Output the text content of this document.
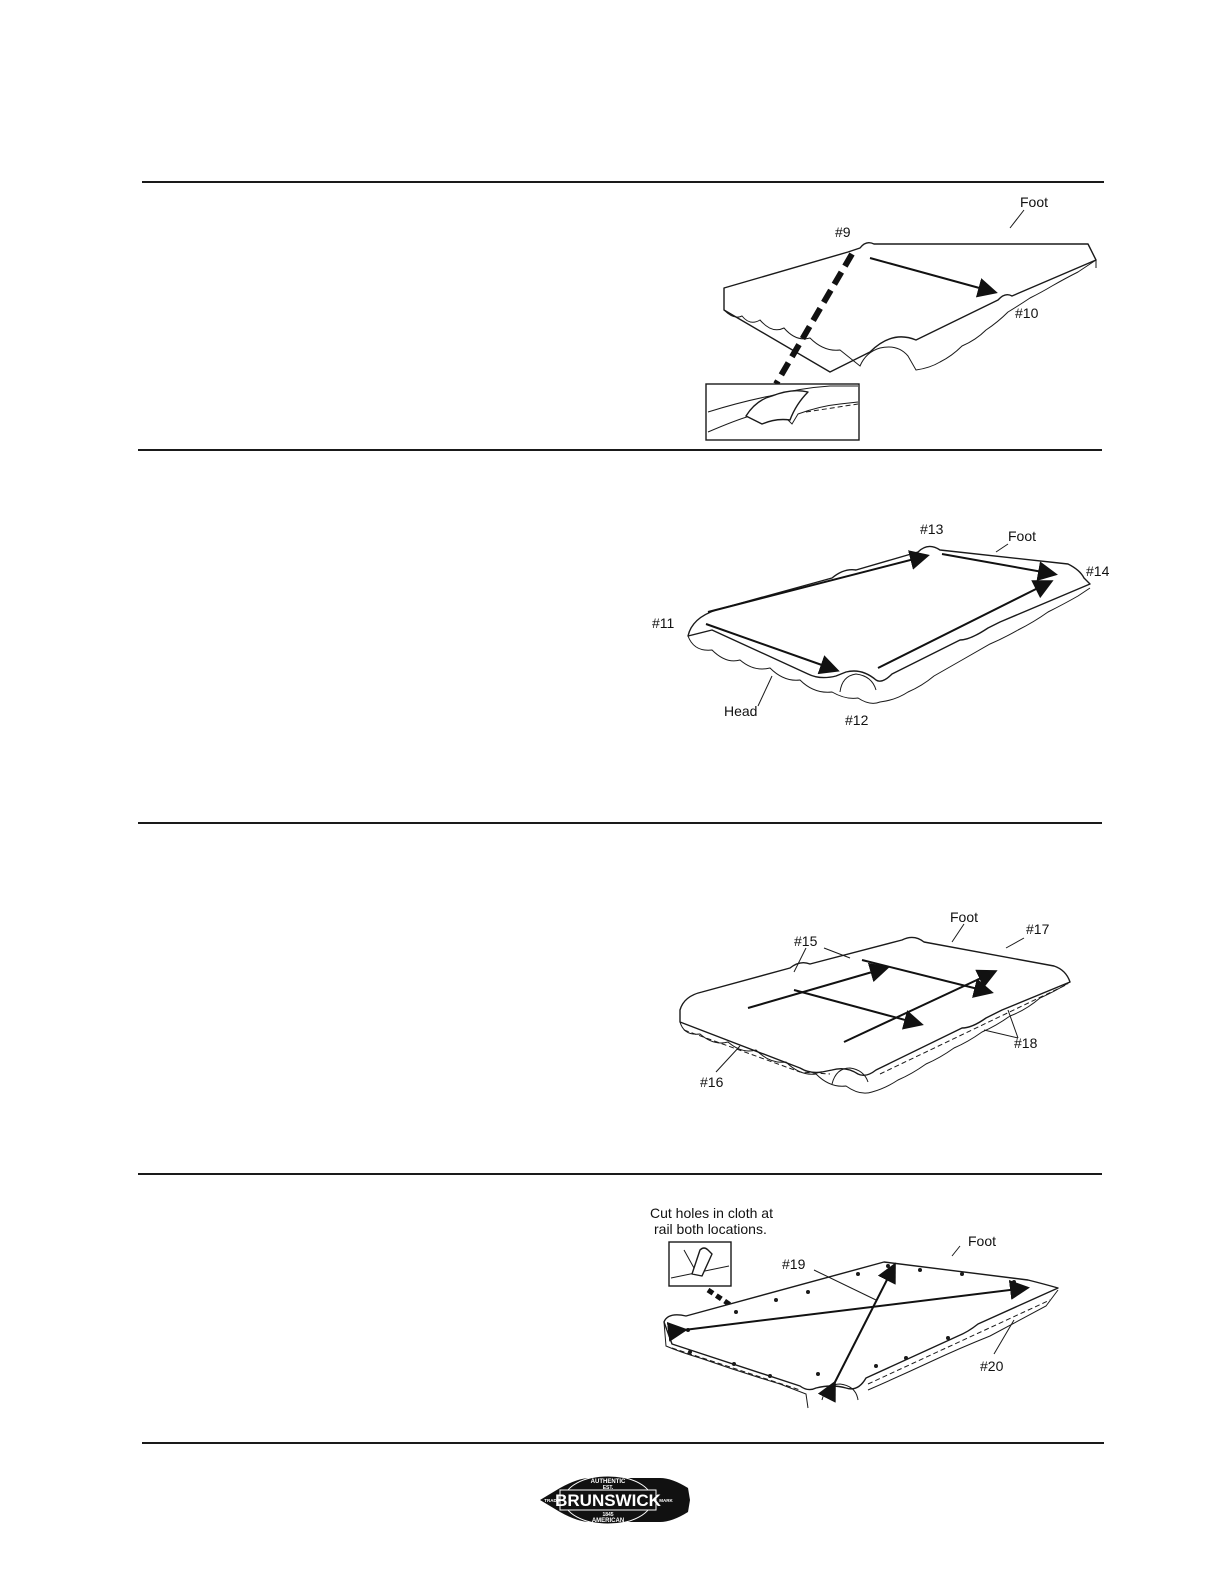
#9
#10
Foot
#11
#12
#13
#14
Head
Foot
#15
#16
#17
#18
Foot
Cut holes in cloth at
rail both locations.
#19
#20
Foot
BRUNSWICK
AUTHENTIC
EST.
1845
AMERICAN
TRADE	MARK
